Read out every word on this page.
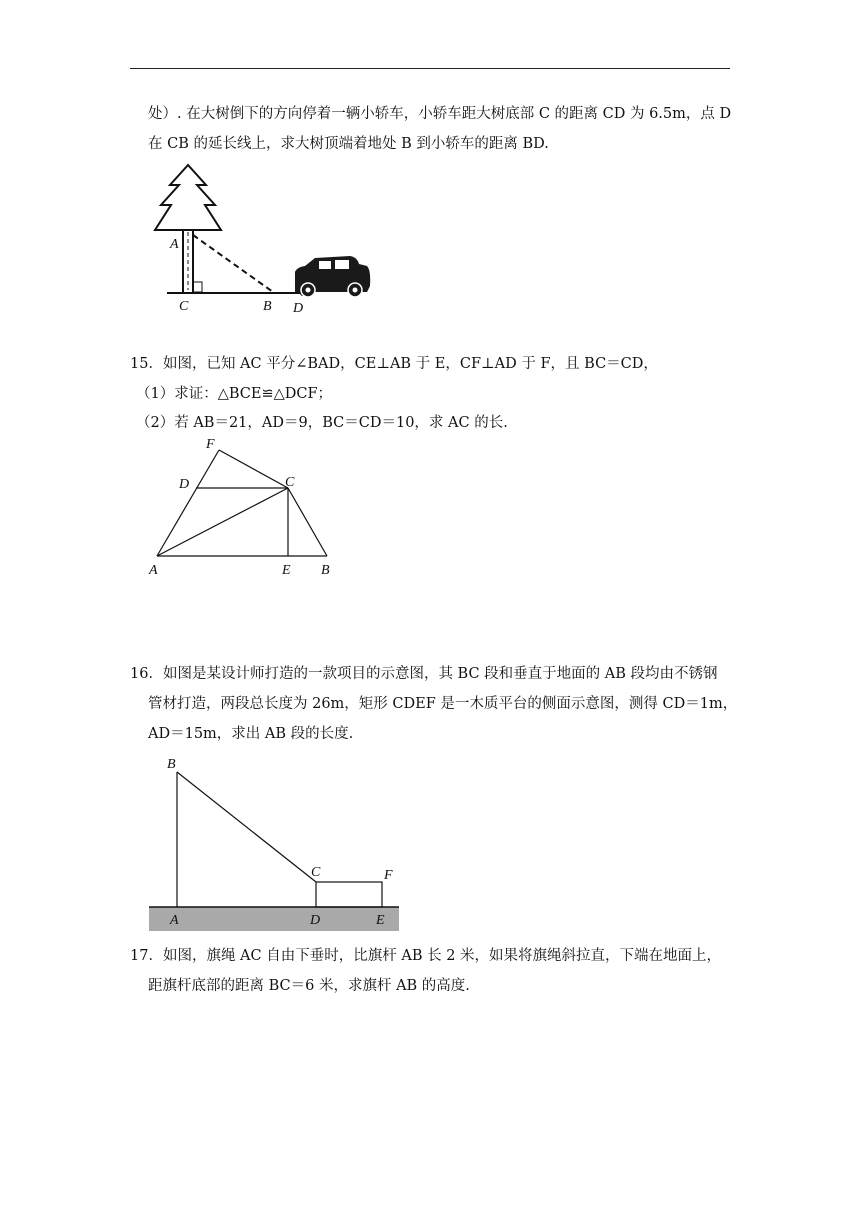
处）. 在大树倒下的方向停着一辆小轿车，小轿车距大树底部 C 的距离 CD 为 6.5m，点 D
在 CB 的延长线上，求大树顶端着地处 B 到小轿车的距离 BD.
A
C	B D
15．如图，已知 AC 平分∠BAD，CE⊥AB 于 E，CF⊥AD 于 F，且 BC＝CD，
（1）求证：△BCE≌△DCF；
（2）若 AB＝21，AD＝9，BC＝CD＝10，求 AC 的长.
F
D	C
A	E B
16．如图是某设计师打造的一款项目的示意图，其 BC 段和垂直于地面的 AB 段均由不锈钢
管材打造，两段总长度为 26m，矩形 CDEF 是一木质平台的侧面示意图，测得 CD＝1m，
AD＝15m，求出 AB 段的长度.
B
C	F
A	D	E
17．如图，旗绳 AC 自由下垂时，比旗杆 AB 长 2 米，如果将旗绳斜拉直，下端在地面上，
距旗杆底部的距离 BC＝6 米，求旗杆 AB 的高度.
